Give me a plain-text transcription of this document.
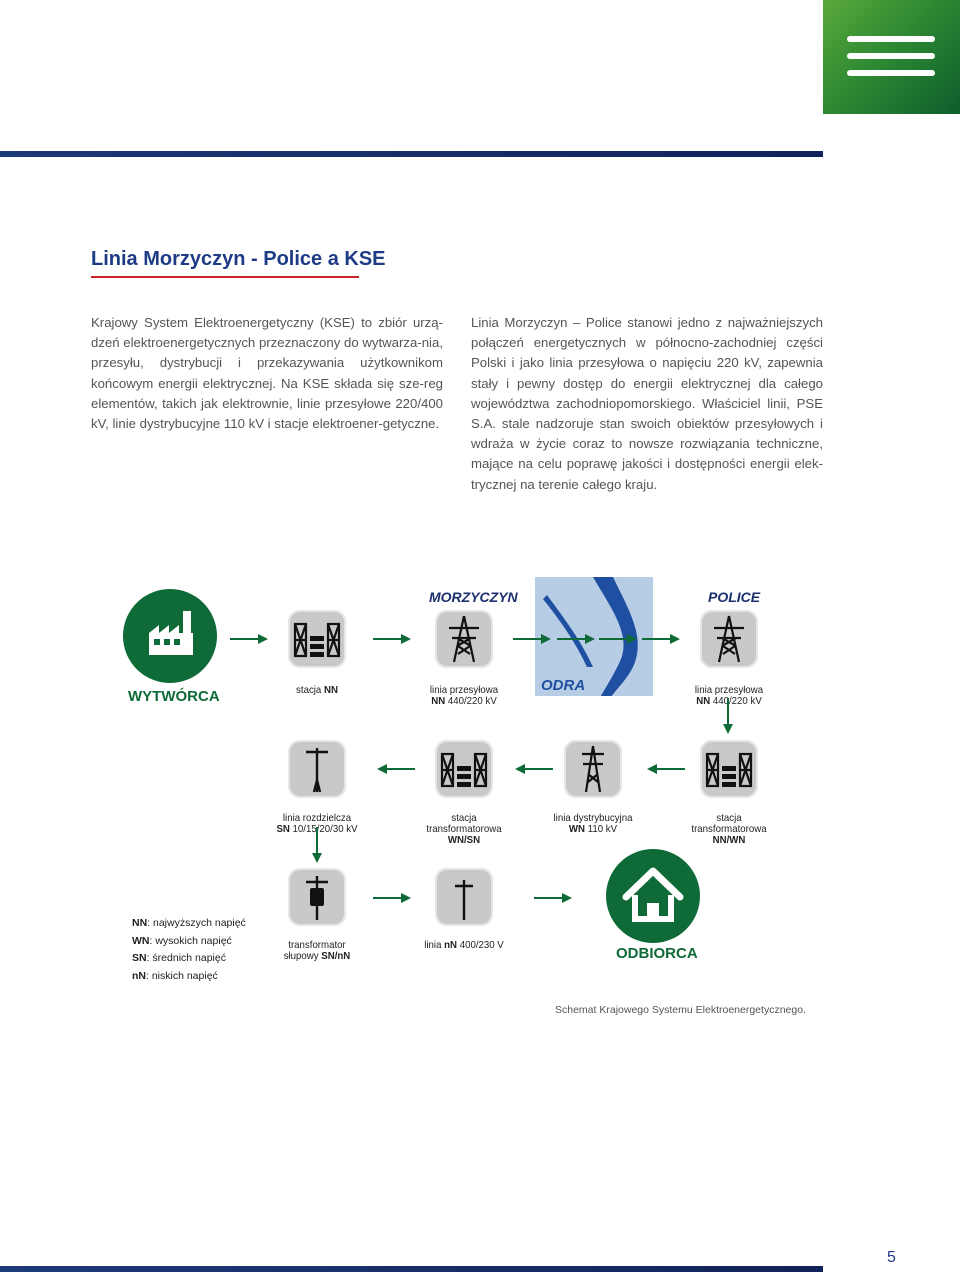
Linia Morzyczyn - Police a KSE

Krajowy System Elektroenergetyczny (KSE) to zbiór urzą-dzeń elektroenergetycznych przeznaczony do wytwarza-nia, przesyłu, dystrybucji i przekazywania użytkownikom końcowym energii elektrycznej. Na KSE składa się sze-reg elementów, takich jak elektrownie, linie przesyłowe 220/400 kV, linie dystrybucyjne 110 kV i stacje elektroener-getyczne.

Linia Morzyczyn – Police stanowi jedno z najważniejszych połączeń energetycznych w północno-zachodniej części Polski i jako linia przesyłowa o napięciu 220 kV, zapewnia stały i pewny dostęp do energii elektrycznej dla całego województwa zachodniopomorskiego. Właściciel linii, PSE S.A. stale nadzoruje stan swoich obiektów przesyłowych i wdraża w życie coraz to nowsze rozwiązania techniczne, mające na celu poprawę jakości i dostępności energii elek-trycznej na terenie całego kraju.

WYTWÓRCA	stacja NN	linia przesyłowa
NN 440/220 kV

MORZYCZYN
ODRA	linia przesyłowa
NN 440/220 kV

POLICE

linia rozdzielcza
SN 10/15/20/30 kV

stacja
transformatorowa
WN/SN

linia dystrybucyjna
WN 110 kV

stacja
transformatorowa
NN/WN

transformator
słupowy SN/nN

linia nN 400/230 V	ODBIORCA
NN: najwyższych napięć
WN: wysokich napięć
SN: średnich napięć
nN: niskich napięć
Schemat Krajowego Systemu Elektroenergetycznego.
5
